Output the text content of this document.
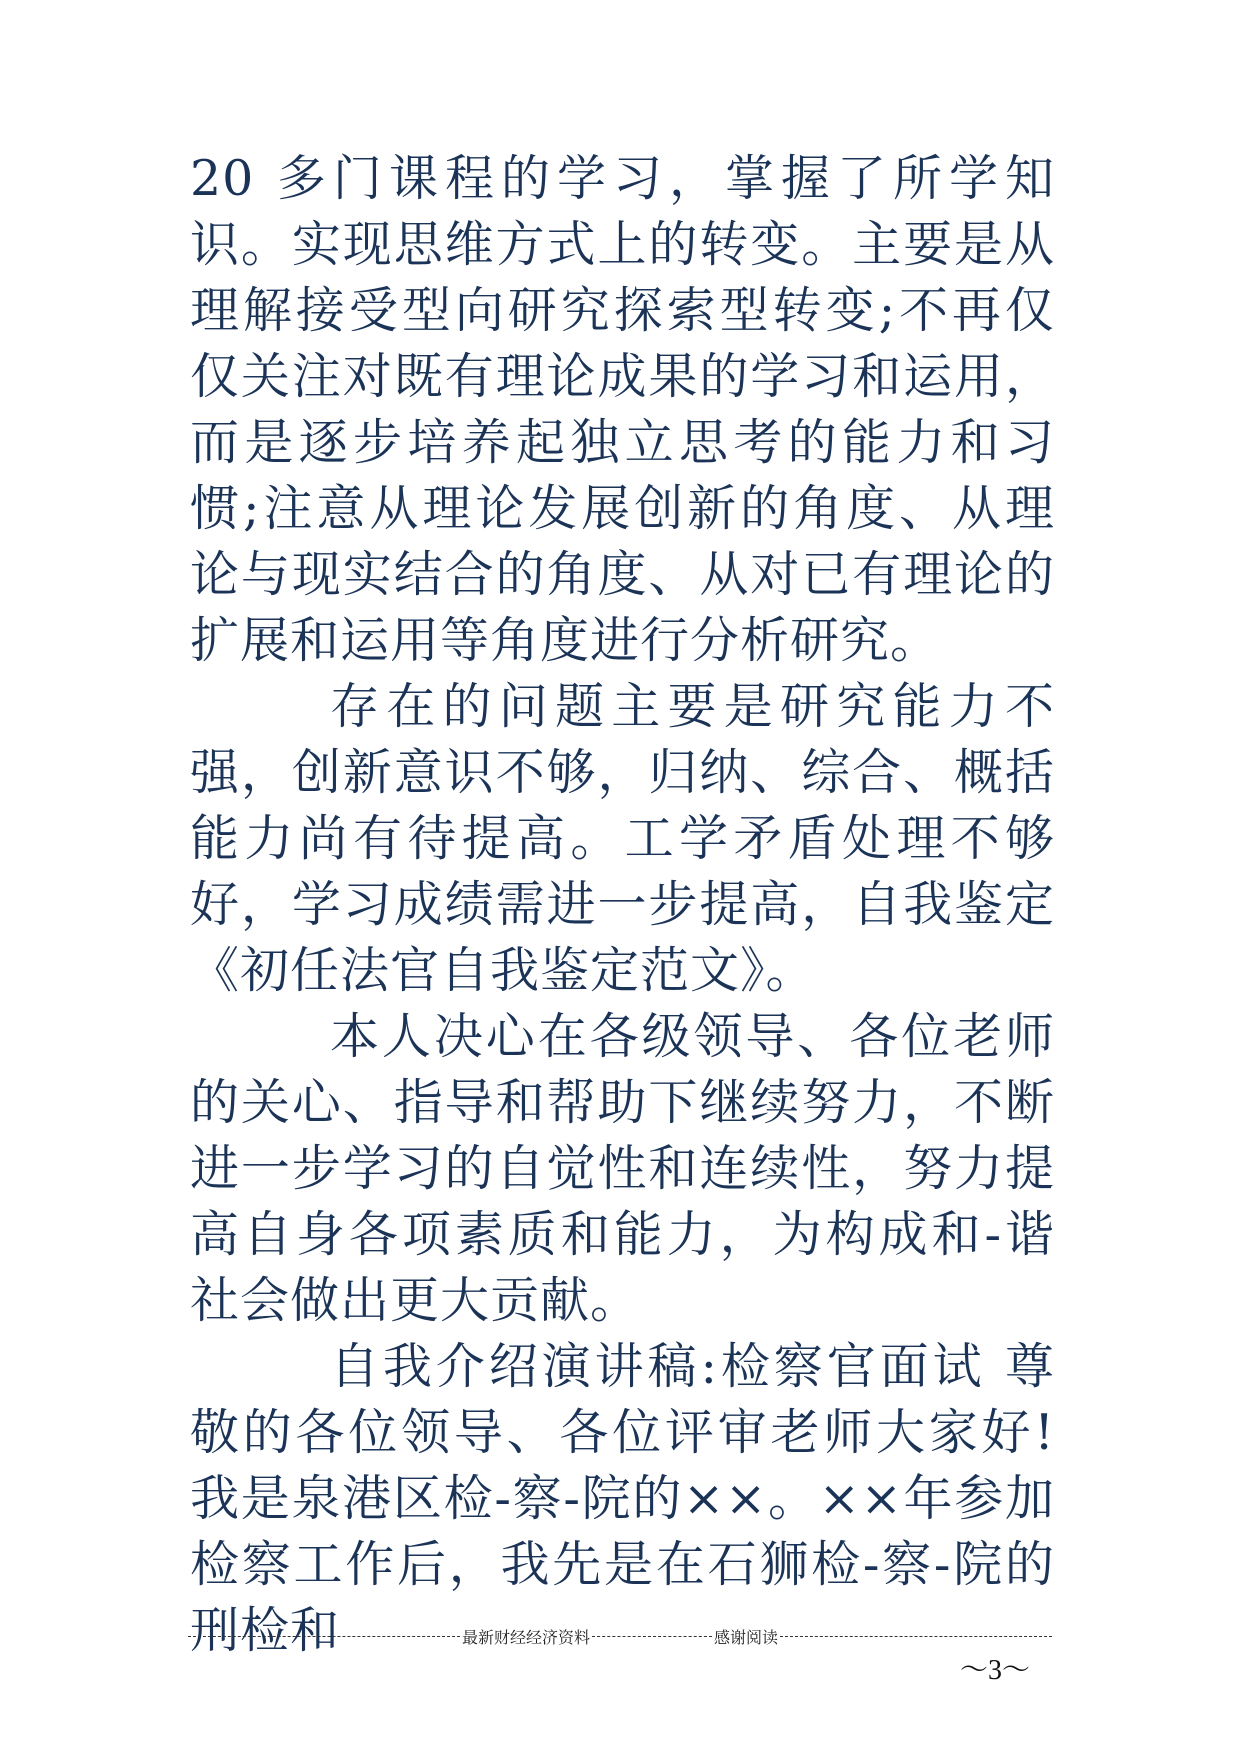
20 多门课程的学习，掌握了所学知识。实现思维方式上的转变。主要是从理解接受型向研究探索型转变;不再仅仅关注对既有理论成果的学习和运用，而是逐步培养起独立思考的能力和习惯;注意从理论发展创新的角度、从理论与现实结合的角度、从对已有理论的扩展和运用等角度进行分析研究。

存在的问题主要是研究能力不强，创新意识不够，归纳、综合、概括能力尚有待提高。工学矛盾处理不够好，学习成绩需进一步提高，自我鉴定《初任法官自我鉴定范文》。

本人决心在各级领导、各位老师的关心、指导和帮助下继续努力，不断进一步学习的自觉性和连续性，努力提高自身各项素质和能力，为构成和-谐社会做出更大贡献。

自我介绍演讲稿:检察官面试 尊敬的各位领导、各位评审老师大家好!我是泉港区检-察-院的××。××年参加检察工作后，我先是在石狮检-察-院的刑检和	最新财经经济资料	感谢阅读
～3～
